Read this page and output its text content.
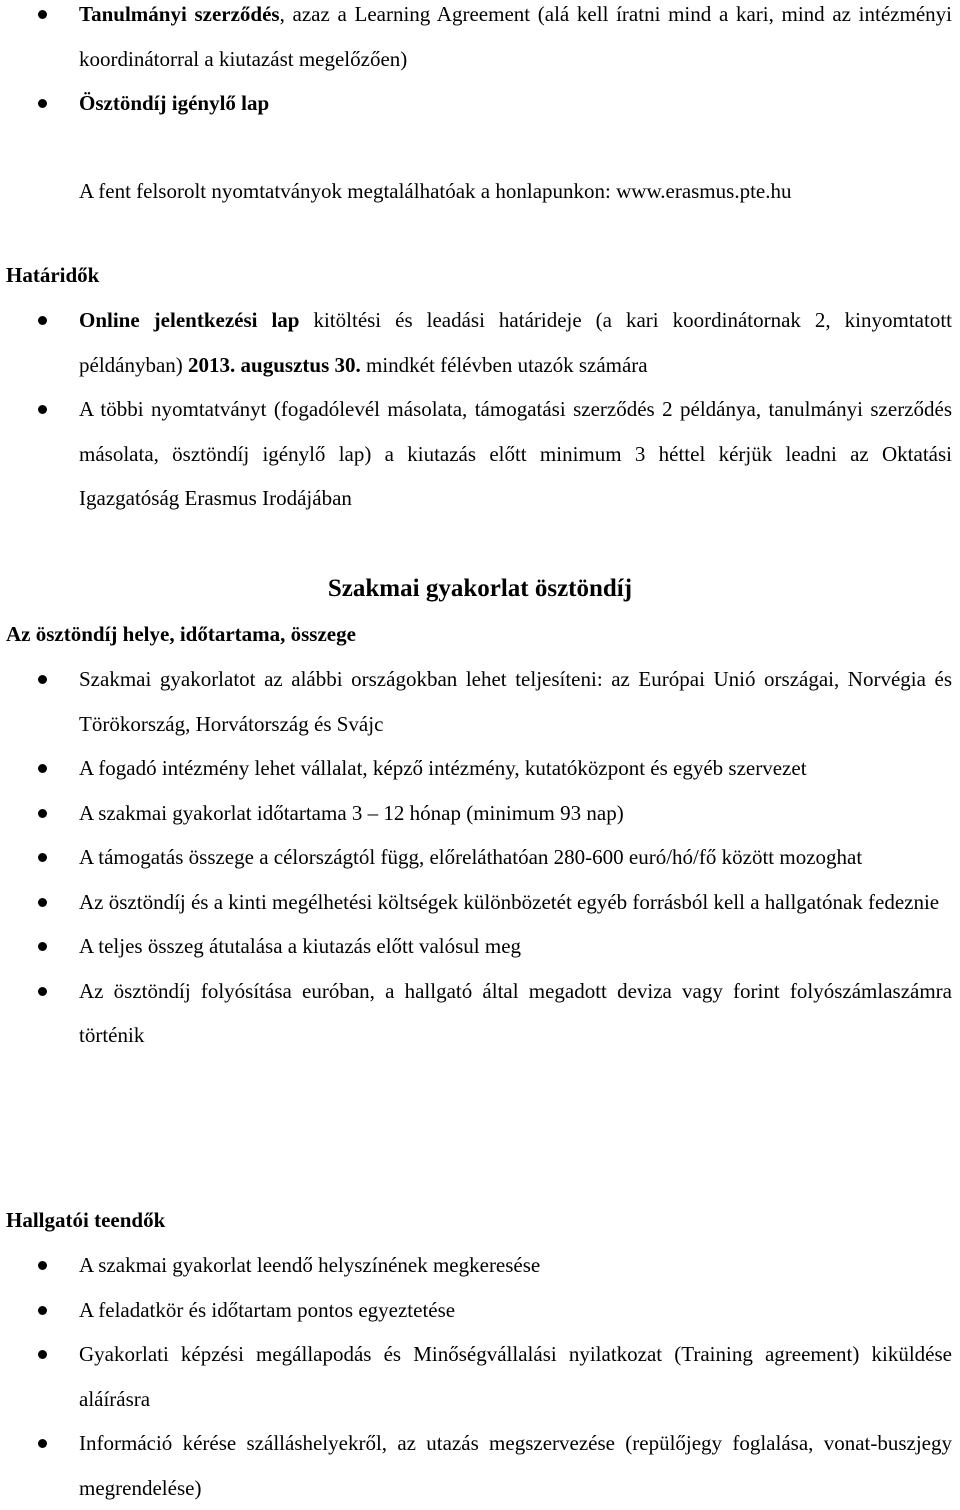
Tanulmányi szerződés, azaz a Learning Agreement (alá kell íratni mind a kari, mind az intézményi koordinátorral a kiutazást megelőzően)
Ösztöndíj igénylő lap
A fent felsorolt nyomtatványok megtalálhatóak a honlapunkon: www.erasmus.pte.hu
Határidők
Online jelentkezési lap kitöltési és leadási határideje (a kari koordinátornak 2, kinyomtatott példányban) 2013. augusztus 30. mindkét félévben utazók számára
A többi nyomtatványt (fogadólevél másolata, támogatási szerződés 2 példánya, tanulmányi szerződés másolata, ösztöndíj igénylő lap) a kiutazás előtt minimum 3 héttel kérjük leadni az Oktatási Igazgatóság Erasmus Irodájában
Szakmai gyakorlat ösztöndíj
Az ösztöndíj helye, időtartama, összege
Szakmai gyakorlatot az alábbi országokban lehet teljesíteni: az Európai Unió országai, Norvégia és Törökország, Horvátország és Svájc
A fogadó intézmény lehet vállalat, képző intézmény, kutatóközpont és egyéb szervezet
A szakmai gyakorlat időtartama 3 – 12 hónap (minimum 93 nap)
A támogatás összege a célországtól függ, előreláthatóan 280-600 euró/hó/fő között mozoghat
Az ösztöndíj és a kinti megélhetési költségek különbözetét egyéb forrásból kell a hallgatónak fedeznie
A teljes összeg átutalása a kiutazás előtt valósul meg
Az ösztöndíj folyósítása euróban, a hallgató által megadott deviza vagy forint folyószámlaszámra történik
Hallgatói teendők
A szakmai gyakorlat leendő helyszínének megkeresése
A feladatkör és időtartam pontos egyeztetése
Gyakorlati képzési megállapodás és Minőségvállalási nyilatkozat (Training agreement) kiküldése aláírásra
Információ kérése szálláshelyekről, az utazás megszervezése (repülőjegy foglalása, vonat-buszjegy megrendelése)
